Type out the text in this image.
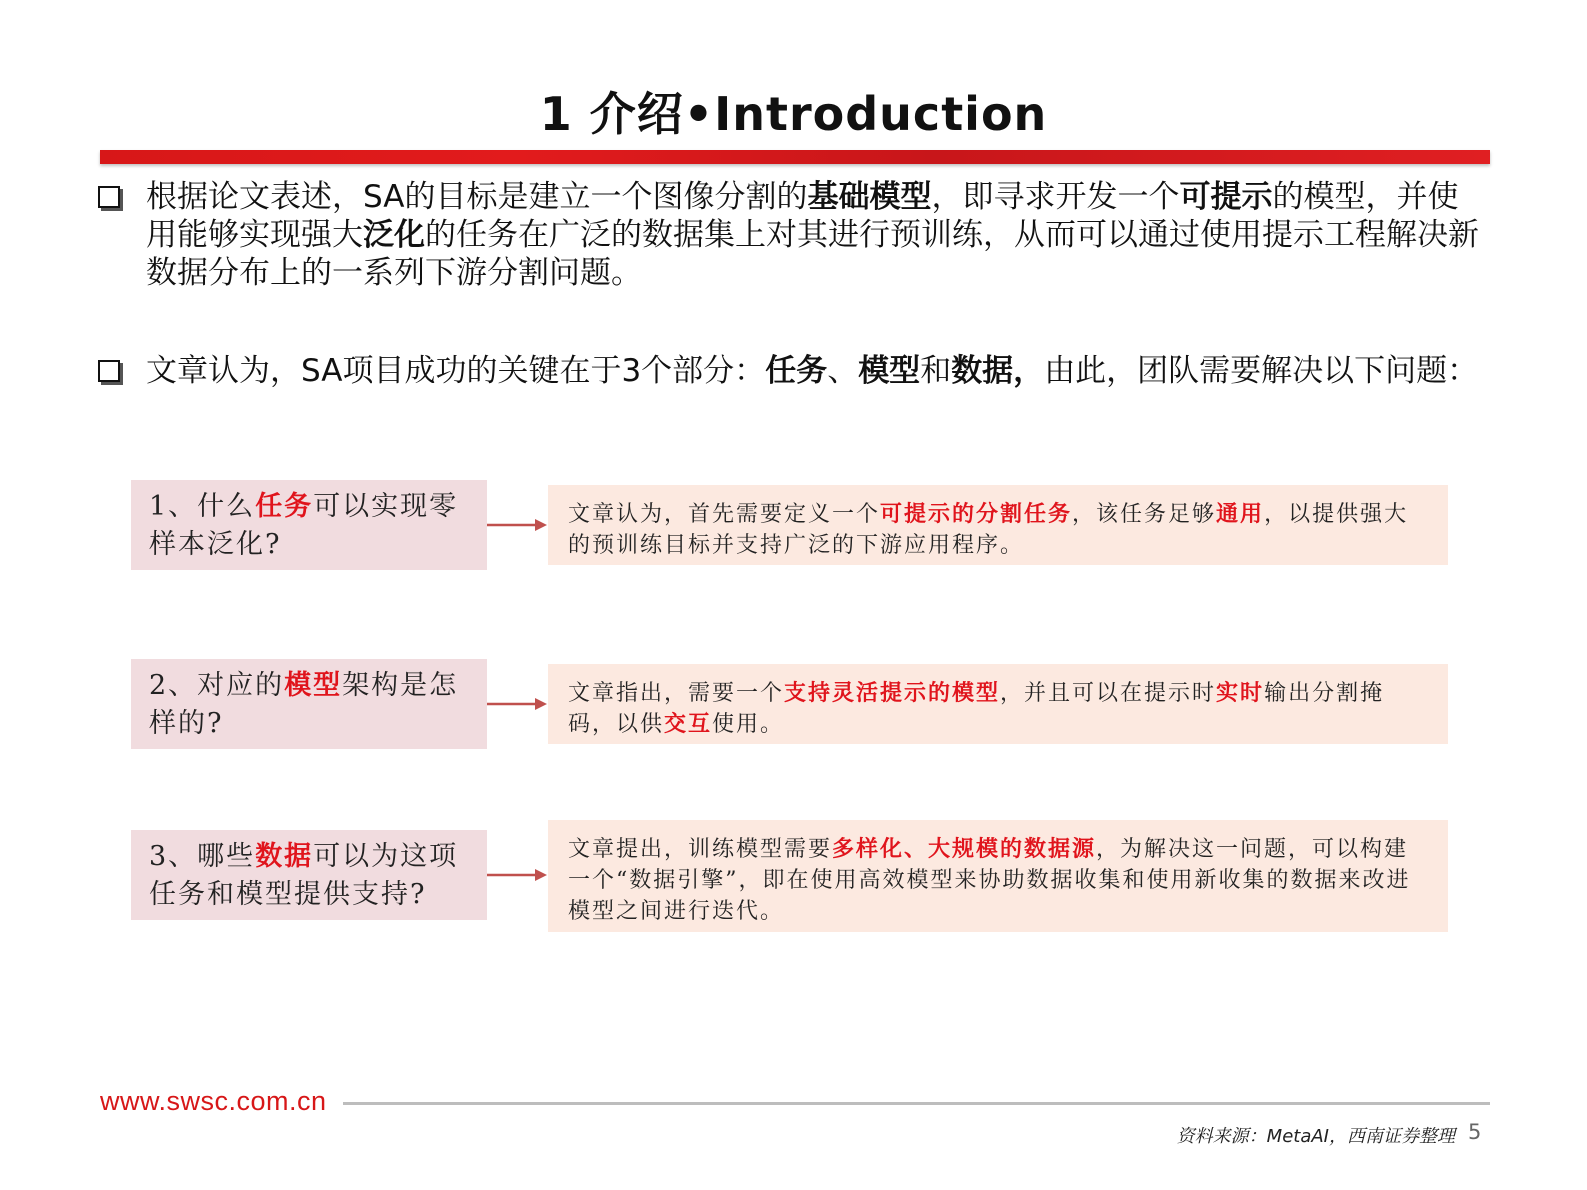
1 介绍•Introduction
根据论文表述，SA的目标是建立一个图像分割的基础模型，即寻求开发一个可提示的模型，并使用能够实现强大泛化的任务在广泛的数据集上对其进行预训练，从而可以通过使用提示工程解决新数据分布上的一系列下游分割问题。
文章认为，SA项目成功的关键在于3个部分：任务、模型和数据，由此，团队需要解决以下问题：
1、什么任务可以实现零样本泛化?
文章认为，首先需要定义一个可提示的分割任务，该任务足够通用，以提供强大的预训练目标并支持广泛的下游应用程序。
2、对应的模型架构是怎样的?
文章指出，需要一个支持灵活提示的模型，并且可以在提示时实时输出分割掩码，以供交互使用。
3、哪些数据可以为这项任务和模型提供支持?
文章提出，训练模型需要多样化、大规模的数据源，为解决这一问题，可以构建一个“数据引擎”，即在使用高效模型来协助数据收集和使用新收集的数据来改进模型之间进行迭代。
www.swsc.com.cn
资料来源：MetaAI，西南证券整理 5
